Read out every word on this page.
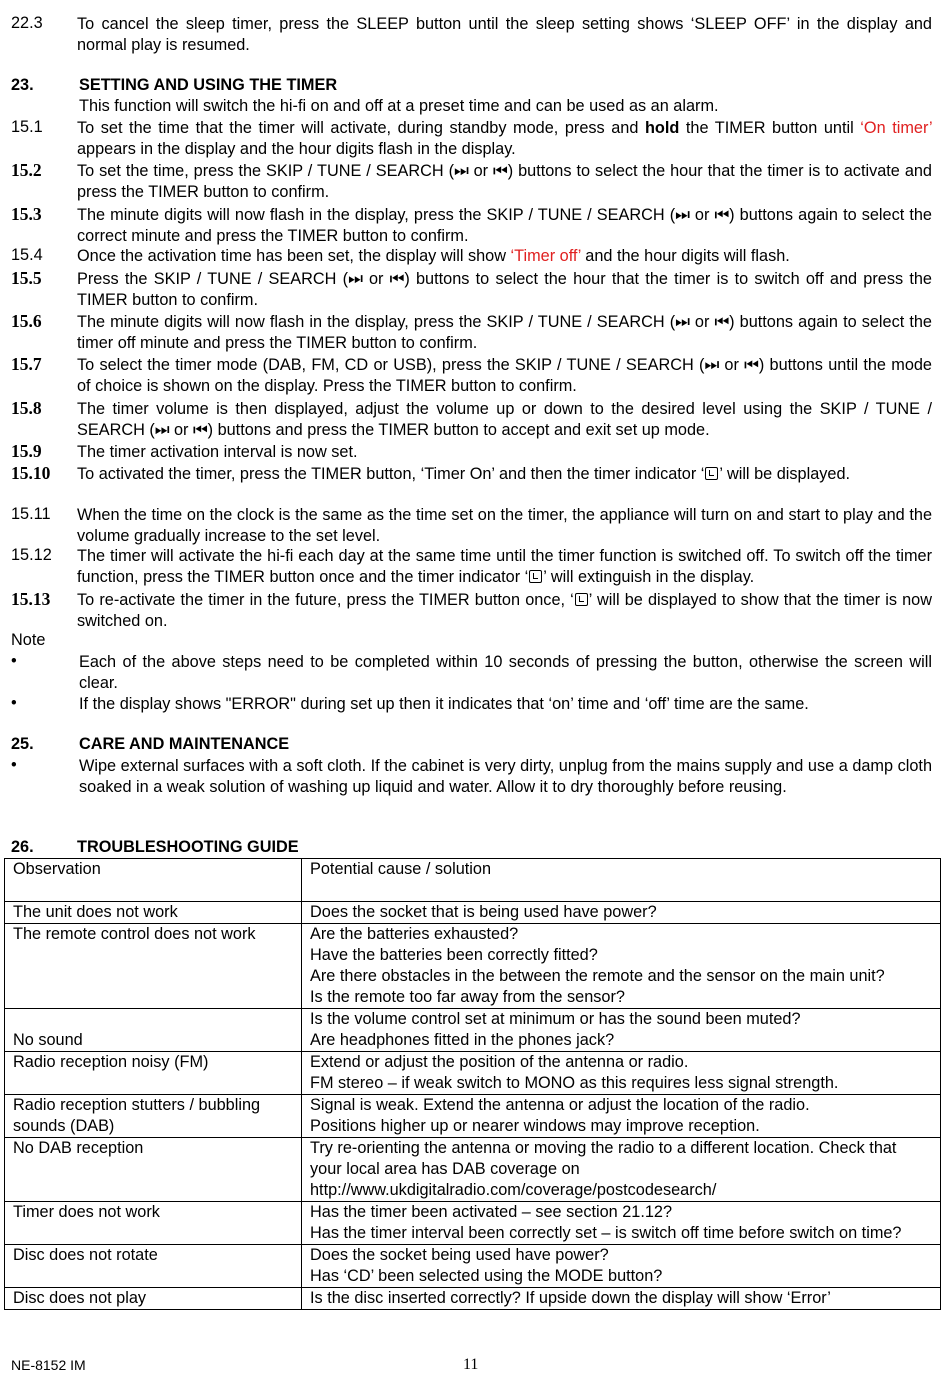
22.3 To cancel the sleep timer, press the SLEEP button until the sleep setting shows ‘SLEEP OFF’ in the display and normal play is resumed.
23.	SETTING AND USING THE TIMER
This function will switch the hi-fi on and off at a preset time and can be used as an alarm.
15.1 To set the time that the timer will activate, during standby mode, press and hold the TIMER button until ‘On timer’ appears in the display and the hour digits flash in the display.
15.2 To set the time, press the SKIP / TUNE / SEARCH (⏭ or ⏮) buttons to select the hour that the timer is to activate and press the TIMER button to confirm.
15.3 The minute digits will now flash in the display, press the SKIP / TUNE / SEARCH (⏭ or ⏮) buttons again to select the correct minute and press the TIMER button to confirm.
15.4 Once the activation time has been set, the display will show ‘Timer off’ and the hour digits will flash.
15.5 Press the SKIP / TUNE / SEARCH (⏭ or ⏮) buttons to select the hour that the timer is to switch off and press the TIMER button to confirm.
15.6 The minute digits will now flash in the display, press the SKIP / TUNE / SEARCH (⏭ or ⏮) buttons again to select the timer off minute and press the TIMER button to confirm.
15.7 To select the timer mode (DAB, FM, CD or USB), press the SKIP / TUNE / SEARCH (⏭ or ⏮) buttons until the mode of choice is shown on the display. Press the TIMER button to confirm.
15.8 The timer volume is then displayed, adjust the volume up or down to the desired level using the SKIP / TUNE / SEARCH (⏭ or ⏮) buttons and press the TIMER button to accept and exit set up mode.
15.9 The timer activation interval is now set.
15.10 To activated the timer, press the TIMER button, ‘Timer On’ and then the timer indicator ‘ ’ will be displayed.
15.11 When the time on the clock is the same as the time set on the timer, the appliance will turn on and start to play and the volume gradually increase to the set level.
15.12 The timer will activate the hi-fi each day at the same time until the timer function is switched off. To switch off the timer function, press the TIMER button once and the timer indicator ‘ ’ will extinguish in the display.
15.13 To re-activate the timer in the future, press the TIMER button once, ‘ ’ will be displayed to show that the timer is now switched on.
Note
•	Each of the above steps need to be completed within 10 seconds of pressing the button, otherwise the screen will clear.
•	If the display shows "ERROR" during set up then it indicates that ‘on’ time and ‘off’ time are the same.
25.	CARE AND MAINTENANCE
•	Wipe external surfaces with a soft cloth. If the cabinet is very dirty, unplug from the mains supply and use a damp cloth soaked in a weak solution of washing up liquid and water. Allow it to dry thoroughly before reusing.
26.	TROUBLESHOOTING GUIDE
Observation	Potential cause / solution
The unit does not work	Does the socket that is being used have power?

The remote control does not work	Are the batteries exhausted?
Have the batteries been correctly fitted?
Are there obstacles in the between the remote and the sensor on the main unit?
Is the remote too far away from the sensor?

No sound	Is the volume control set at minimum or has the sound been muted?
Are headphones fitted in the phones jack?

Radio reception noisy (FM)	Extend or adjust the position of the antenna or radio.
FM stereo – if weak switch to MONO as this requires less signal strength.

Radio reception stutters / bubbling sounds (DAB)	Signal is weak. Extend the antenna or adjust the location of the radio.
Positions higher up or nearer windows may improve reception.

No DAB reception	Try re-orienting the antenna or moving the radio to a different location. Check that your local area has DAB coverage on
http://www.ukdigitalradio.com/coverage/postcodesearch/

Timer does not work	Has the timer been activated – see section 21.12?
Has the timer interval been correctly set – is switch off time before switch on time?

Disc does not rotate	Does the socket being used have power?
Has ‘CD’ been selected using the MODE button?

Disc does not play	Is the disc inserted correctly? If upside down the display will show ‘Error’
NE-8152 IM	11
